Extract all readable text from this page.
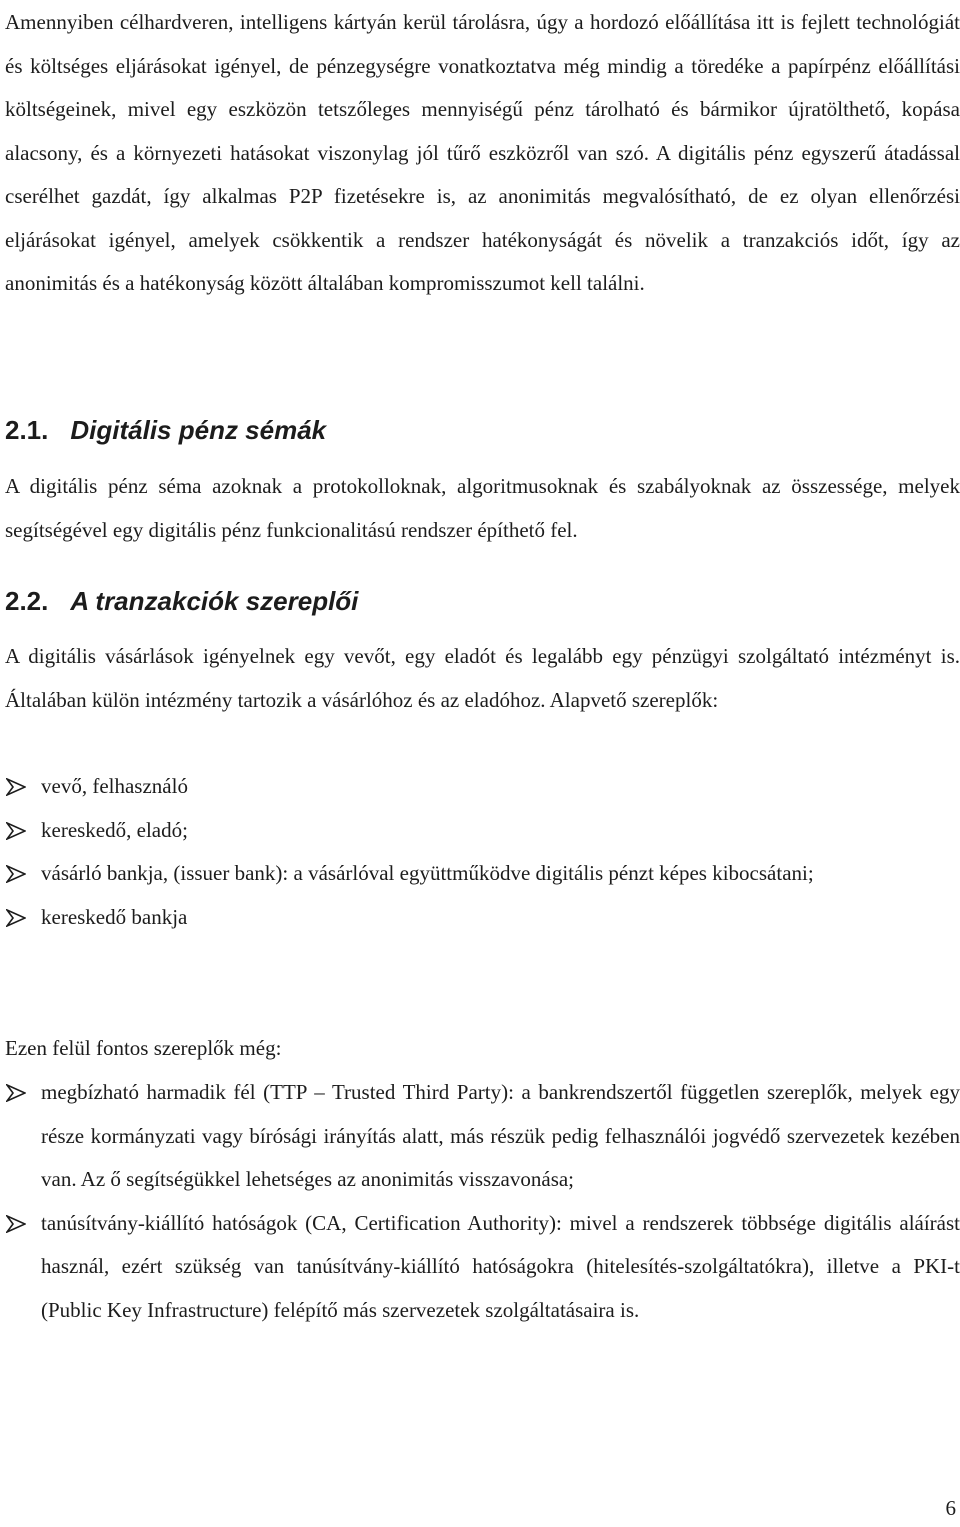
Amennyiben célhardveren, intelligens kártyán kerül tárolásra, úgy a hordozó előállítása itt is fejlett technológiát és költséges eljárásokat igényel, de pénzegységre vonatkoztatva még mindig a töredéke a papírpénz előállítási költségeinek, mivel egy eszközön tetszőleges mennyiségű pénz tárolható és bármikor újratölthető, kopása alacsony, és a környezeti hatásokat viszonylag jól tűrő eszközről van szó. A digitális pénz egyszerű átadással cserélhet gazdát, így alkalmas P2P fizetésekre is, az anonimitás megvalósítható, de ez olyan ellenőrzési eljárásokat igényel, amelyek csökkentik a rendszer hatékonyságát és növelik a tranzakciós időt, így az anonimitás és a hatékonyság között általában kompromisszumot kell találni.

2.1. Digitális pénz sémák

A digitális pénz séma azoknak a protokolloknak, algoritmusoknak és szabályoknak az összessége, melyek segítségével egy digitális pénz funkcionalitású rendszer építhető fel.

2.2. A tranzakciók szereplői

A digitális vásárlások igényelnek egy vevőt, egy eladót és legalább egy pénzügyi szolgáltató intézményt is. Általában külön intézmény tartozik a vásárlóhoz és az eladóhoz. Alapvető szereplők:

vevő, felhasználó
kereskedő, eladó;
vásárló bankja, (issuer bank): a vásárlóval együttműködve digitális pénzt képes kibocsátani;
kereskedő bankja

Ezen felül fontos szereplők még:

megbízható harmadik fél (TTP – Trusted Third Party): a bankrendszertől független szereplők, melyek egy része kormányzati vagy bírósági irányítás alatt, más részük pedig felhasználói jogvédő szervezetek kezében van. Az ő segítségükkel lehetséges az anonimitás visszavonása;
tanúsítvány-kiállító hatóságok (CA, Certification Authority): mivel a rendszerek többsége digitális aláírást használ, ezért szükség van tanúsítvány-kiállító hatóságokra (hitelesítés-szolgáltatókra), illetve a PKI-t (Public Key Infrastructure) felépítő más szervezetek szolgáltatásaira is.
6
